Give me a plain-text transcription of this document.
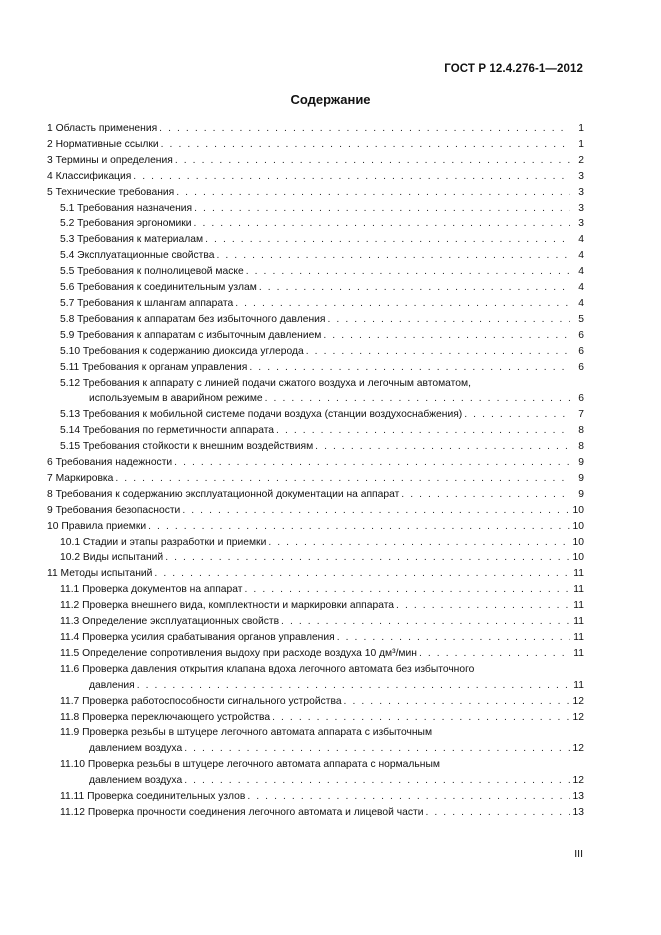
ГОСТ Р 12.4.276-1—2012
Содержание
1 Область применения . . .	1
2 Нормативные ссылки . . .	1
3 Термины и определения . . .	2
4 Классификация . . .	3
5 Технические требования . . .	3
5.1 Требования назначения . . .	3
5.2 Требования эргономики . . .	3
5.3 Требования к материалам . . .	4
5.4 Эксплуатационные свойства . . .	4
5.5 Требования к полнолицевой маске . . .	4
5.6 Требования к соединительным узлам . . .	4
5.7 Требования к шлангам аппарата . . .	4
5.8 Требования к аппаратам без избыточного давления . . .	5
5.9 Требования к аппаратам с избыточным давлением . . .	6
5.10 Требования к содержанию диоксида углерода . . .	6
5.11 Требования к органам управления . . .	6
5.12 Требования к аппарату с линией подачи сжатого воздуха и легочным автоматом,
используемым в аварийном режиме . . .	6
5.13 Требования к мобильной системе подачи воздуха (станции воздухоснабжения) . . .	7
5.14 Требования по герметичности аппарата . . .	8
5.15 Требования стойкости к внешним воздействиям . . .	8
6 Требования надежности . . .	9
7 Маркировка . . .	9
8 Требования к содержанию эксплуатационной документации на аппарат . . .	9
9 Требования безопасности . . .	10
10 Правила приемки . . .	10
10.1 Стадии и этапы разработки и приемки . . .	10
10.2 Виды испытаний . . .	10
11 Методы испытаний . . .	11
11.1 Проверка документов на аппарат . . .	11
11.2 Проверка внешнего вида, комплектности и маркировки аппарата . . .	11
11.3 Определение эксплуатационных свойств . . .	11
11.4 Проверка усилия срабатывания органов управления . . .	11
11.5 Определение сопротивления выдоху при расходе воздуха 10 дм³/мин . . .	11
11.6 Проверка давления открытия клапана вдоха легочного автомата без избыточного
давления . . .	11
11.7 Проверка работоспособности сигнального устройства . . .	12
11.8 Проверка переключающего устройства . . .	12
11.9 Проверка резьбы в штуцере легочного автомата аппарата с избыточным
давлением воздуха . . .	12
11.10 Проверка резьбы в штуцере легочного автомата аппарата с нормальным
давлением воздуха . . .	12
11.11 Проверка соединительных узлов . . .	13
11.12 Проверка прочности соединения легочного автомата и лицевой части . . .	13
III
